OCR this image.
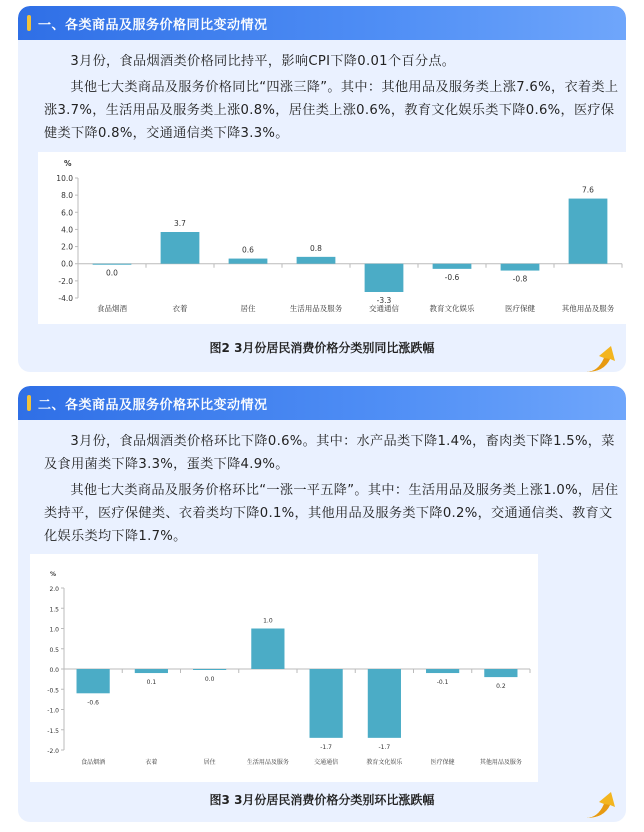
一、各类商品及服务价格同比变动情况
3月份，食品烟酒类价格同比持平，影响CPI下降0.01个百分点。
其他七大类商品及服务价格同比“四涨三降”。其中：其他用品及服务类上涨7.6%，衣着类上涨3.7%，生活用品及服务类上涨0.8%，居住类上涨0.6%，教育文化娱乐类下降0.6%，医疗保健类下降0.8%，交通通信类下降3.3%。
%
10.0
8.0
6.0
4.0
2.0
0.0
-2.0
-4.0
0.0
食品烟酒
3.7
衣着
0.6
居住
0.8
生活用品及服务
-3.3
交通通信
-0.6
教育文化娱乐
-0.8
医疗保健
7.6
其他用品及服务
图2 3月份居民消费价格分类别同比涨跌幅
二、各类商品及服务价格环比变动情况
3月份，食品烟酒类价格环比下降0.6%。其中：水产品类下降1.4%，畜肉类下降1.5%，菜及食用菌类下降3.3%，蛋类下降4.9%。
其他七大类商品及服务价格环比“一涨一平五降”。其中：生活用品及服务类上涨1.0%，居住类持平，医疗保健类、衣着类均下降0.1%，其他用品及服务类下降0.2%，交通通信类、教育文化娱乐类均下降1.7%。
%
2.0
1.5
1.0
0.5
0.0
-0.5
-1.0
-1.5
-2.0
-0.6
食品烟酒
0.1
衣着
0.0
居住
1.0
生活用品及服务
-1.7
交通通信
-1.7
教育文化娱乐
-0.1
医疗保健
0.2
其他用品及服务
图3 3月份居民消费价格分类别环比涨跌幅
